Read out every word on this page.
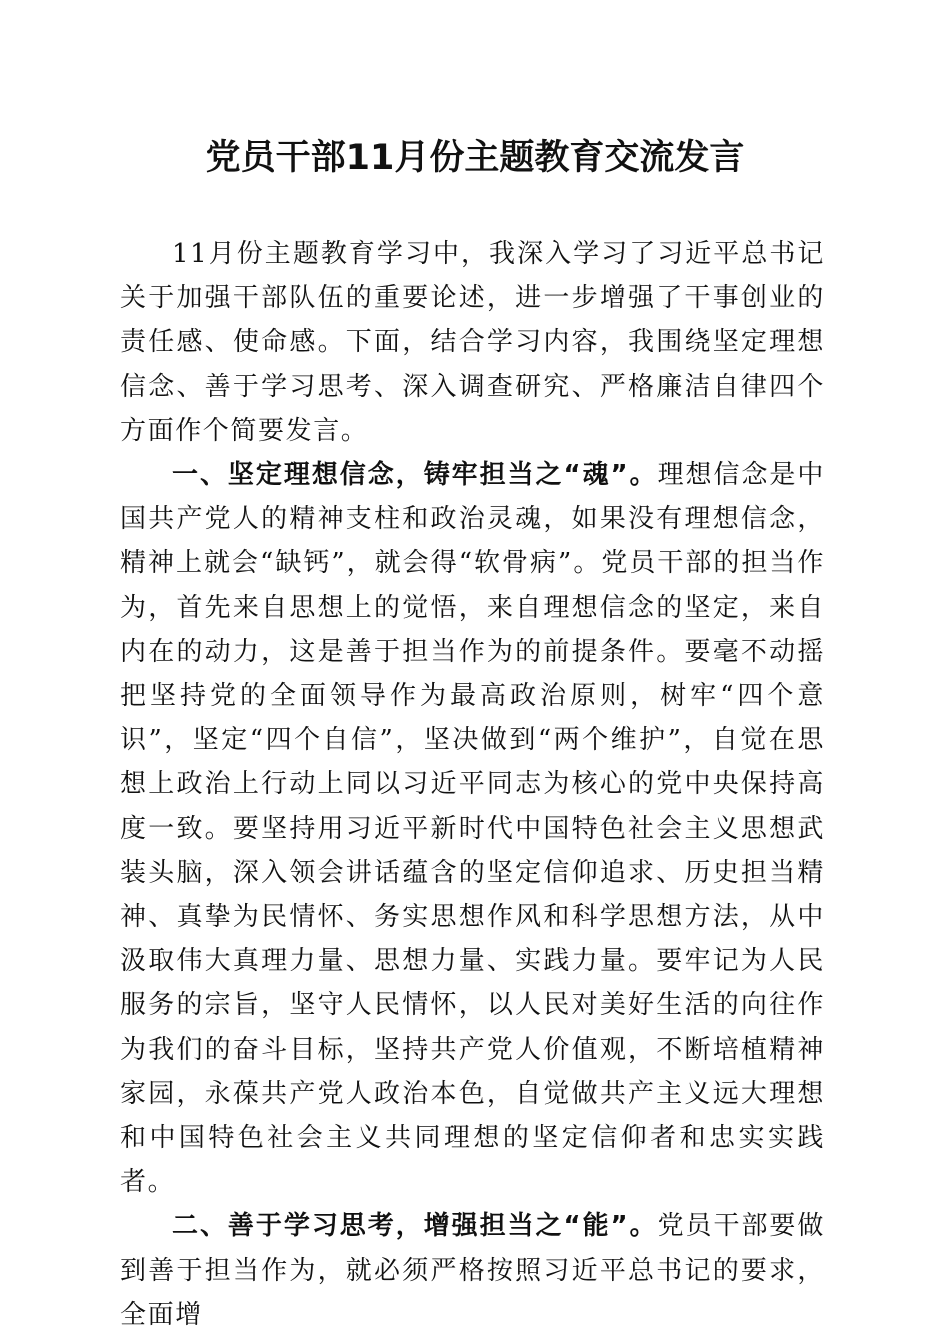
党员干部11月份主题教育交流发言

11月份主题教育学习中，我深入学习了习近平总书记关于加强干部队伍的重要论述，进一步增强了干事创业的责任感、使命感。下面，结合学习内容，我围绕坚定理想信念、善于学习思考、深入调查研究、严格廉洁自律四个方面作个简要发言。

一、坚定理想信念，铸牢担当之“魂”。理想信念是中国共产党人的精神支柱和政治灵魂，如果没有理想信念，精神上就会“缺钙”，就会得“软骨病”。党员干部的担当作为，首先来自思想上的觉悟，来自理想信念的坚定，来自内在的动力，这是善于担当作为的前提条件。要毫不动摇把坚持党的全面领导作为最高政治原则，树牢“四个意识”，坚定“四个自信”，坚决做到“两个维护”，自觉在思想上政治上行动上同以习近平同志为核心的党中央保持高度一致。要坚持用习近平新时代中国特色社会主义思想武装头脑，深入领会讲话蕴含的坚定信仰追求、历史担当精神、真挚为民情怀、务实思想作风和科学思想方法，从中汲取伟大真理力量、思想力量、实践力量。要牢记为人民服务的宗旨，坚守人民情怀，以人民对美好生活的向往作为我们的奋斗目标，坚持共产党人价值观，不断培植精神家园，永葆共产党人政治本色，自觉做共产主义远大理想和中国特色社会主义共同理想的坚定信仰者和忠实实践者。

二、善于学习思考，增强担当之“能”。党员干部要做到善于担当作为，就必须严格按照习近平总书记的要求，全面增
